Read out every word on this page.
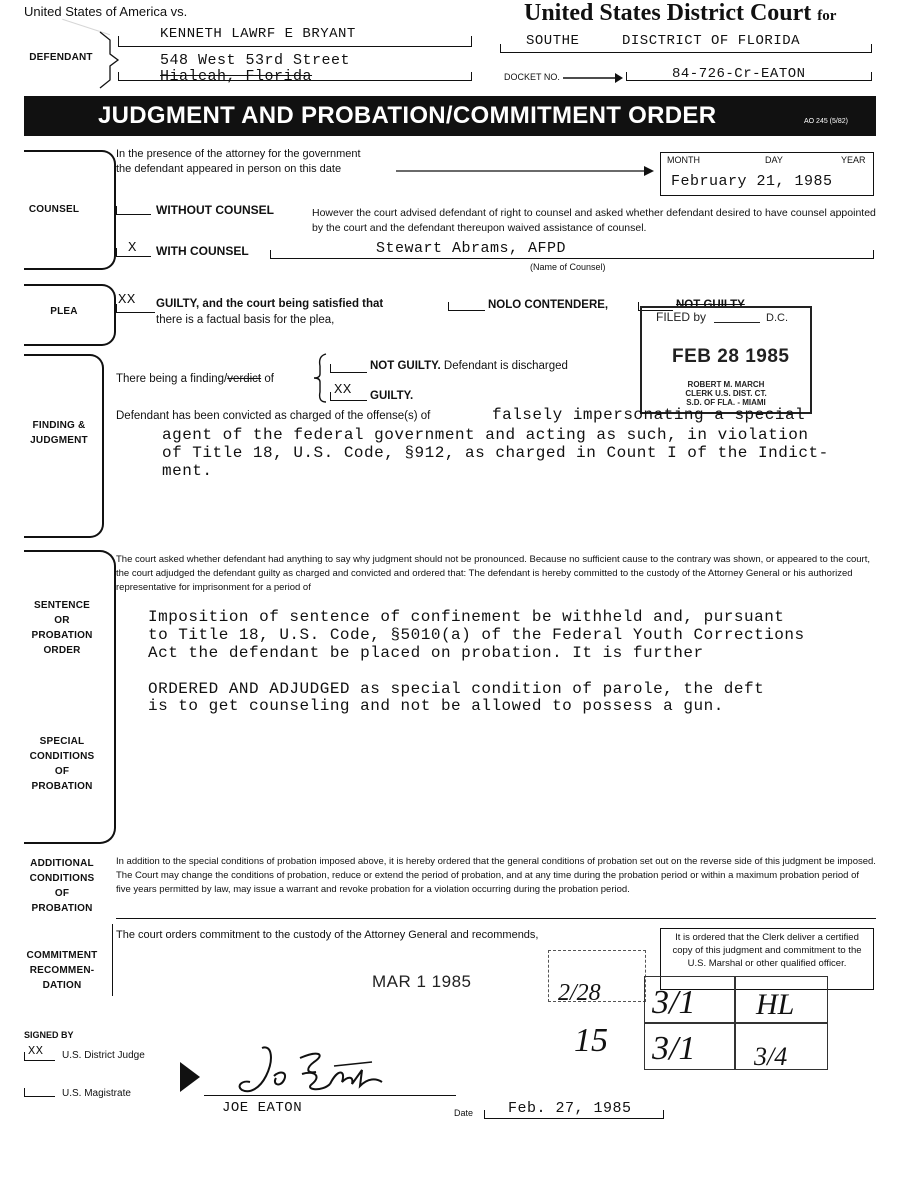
United States of America vs.	United States District Court for
DEFENDANT
KENNETH LAWRF E BRYANT
548 West 53rd Street
Hialeah, Florida
SOUTHE	DISCTRICT OF FLORIDA
DOCKET NO.	84-726-Cr-EATON
JUDGMENT AND PROBATION/COMMITMENT ORDER	AO 245 (5/82)
COUNSEL
In the presence of the attorney for the government
the defendant appeared in person on this date
MONTH	DAY	YEAR
February 21, 1985
WITHOUT COUNSEL	However the court advised defendant of right to counsel and asked whether defendant desired to have counsel appointed by the court and the defendant thereupon waived assistance of counsel.
X WITH COUNSEL	Stewart Abrams, AFPD
(Name of Counsel)
PLEA
XX GUILTY, and the court being satisfied that
there is a factual basis for the plea,
NOLO CONTENDERE,	NOT GUILTY
FILED by	D.C.
FEB 28 1985
ROBERT M. MARCH
CLERK U.S. DIST. CT.
S.D. OF FLA. - MIAMI
FINDING &
JUDGMENT
There being a finding/verdict of
NOT GUILTY. Defendant is discharged
XX GUILTY.
Defendant has been convicted as charged of the offense(s) of	falsely impersonating a special
agent of the federal government and acting as such, in violation
of Title 18, U.S. Code, §912, as charged in Count I of the Indict-
ment.
SENTENCE
OR
PROBATION
ORDER
The court asked whether defendant had anything to say why judgment should not be pronounced. Because no sufficient cause to the contrary was shown, or appeared to the court, the court adjudged the defendant guilty as charged and convicted and ordered that: The defendant is hereby committed to the custody of the Attorney General or his authorized representative for imprisonment for a period of
Imposition of sentence of confinement be withheld and, pursuant
to Title 18, U.S. Code, §5010(a) of the Federal Youth Corrections
Act the defendant be placed on probation. It is further
ORDERED AND ADJUDGED as special condition of parole, the deft
is to get counseling and not be allowed to possess a gun.
SPECIAL
CONDITIONS
OF
PROBATION
ADDITIONAL
CONDITIONS
OF
PROBATION
In addition to the special conditions of probation imposed above, it is hereby ordered that the general conditions of probation set out on the reverse side of this judgment be imposed. The Court may change the conditions of probation, reduce or extend the period of probation, and at any time during the probation period or within a maximum probation period of five years permitted by law, may issue a warrant and revoke probation for a violation occurring during the probation period.
COMMITMENT
RECOMMEN-
DATION
The court orders commitment to the custody of the Attorney General and recommends,	It is ordered that the Clerk deliver a certified copy of this judgment and commitment to the U.S. Marshal or other qualified officer.
MAR 1 1985	2/28 3/1 HL
15 3/1 3/4
SIGNED BY
XX U.S. District Judge
U.S. Magistrate
JOE EATON	Date Feb. 27, 1985
